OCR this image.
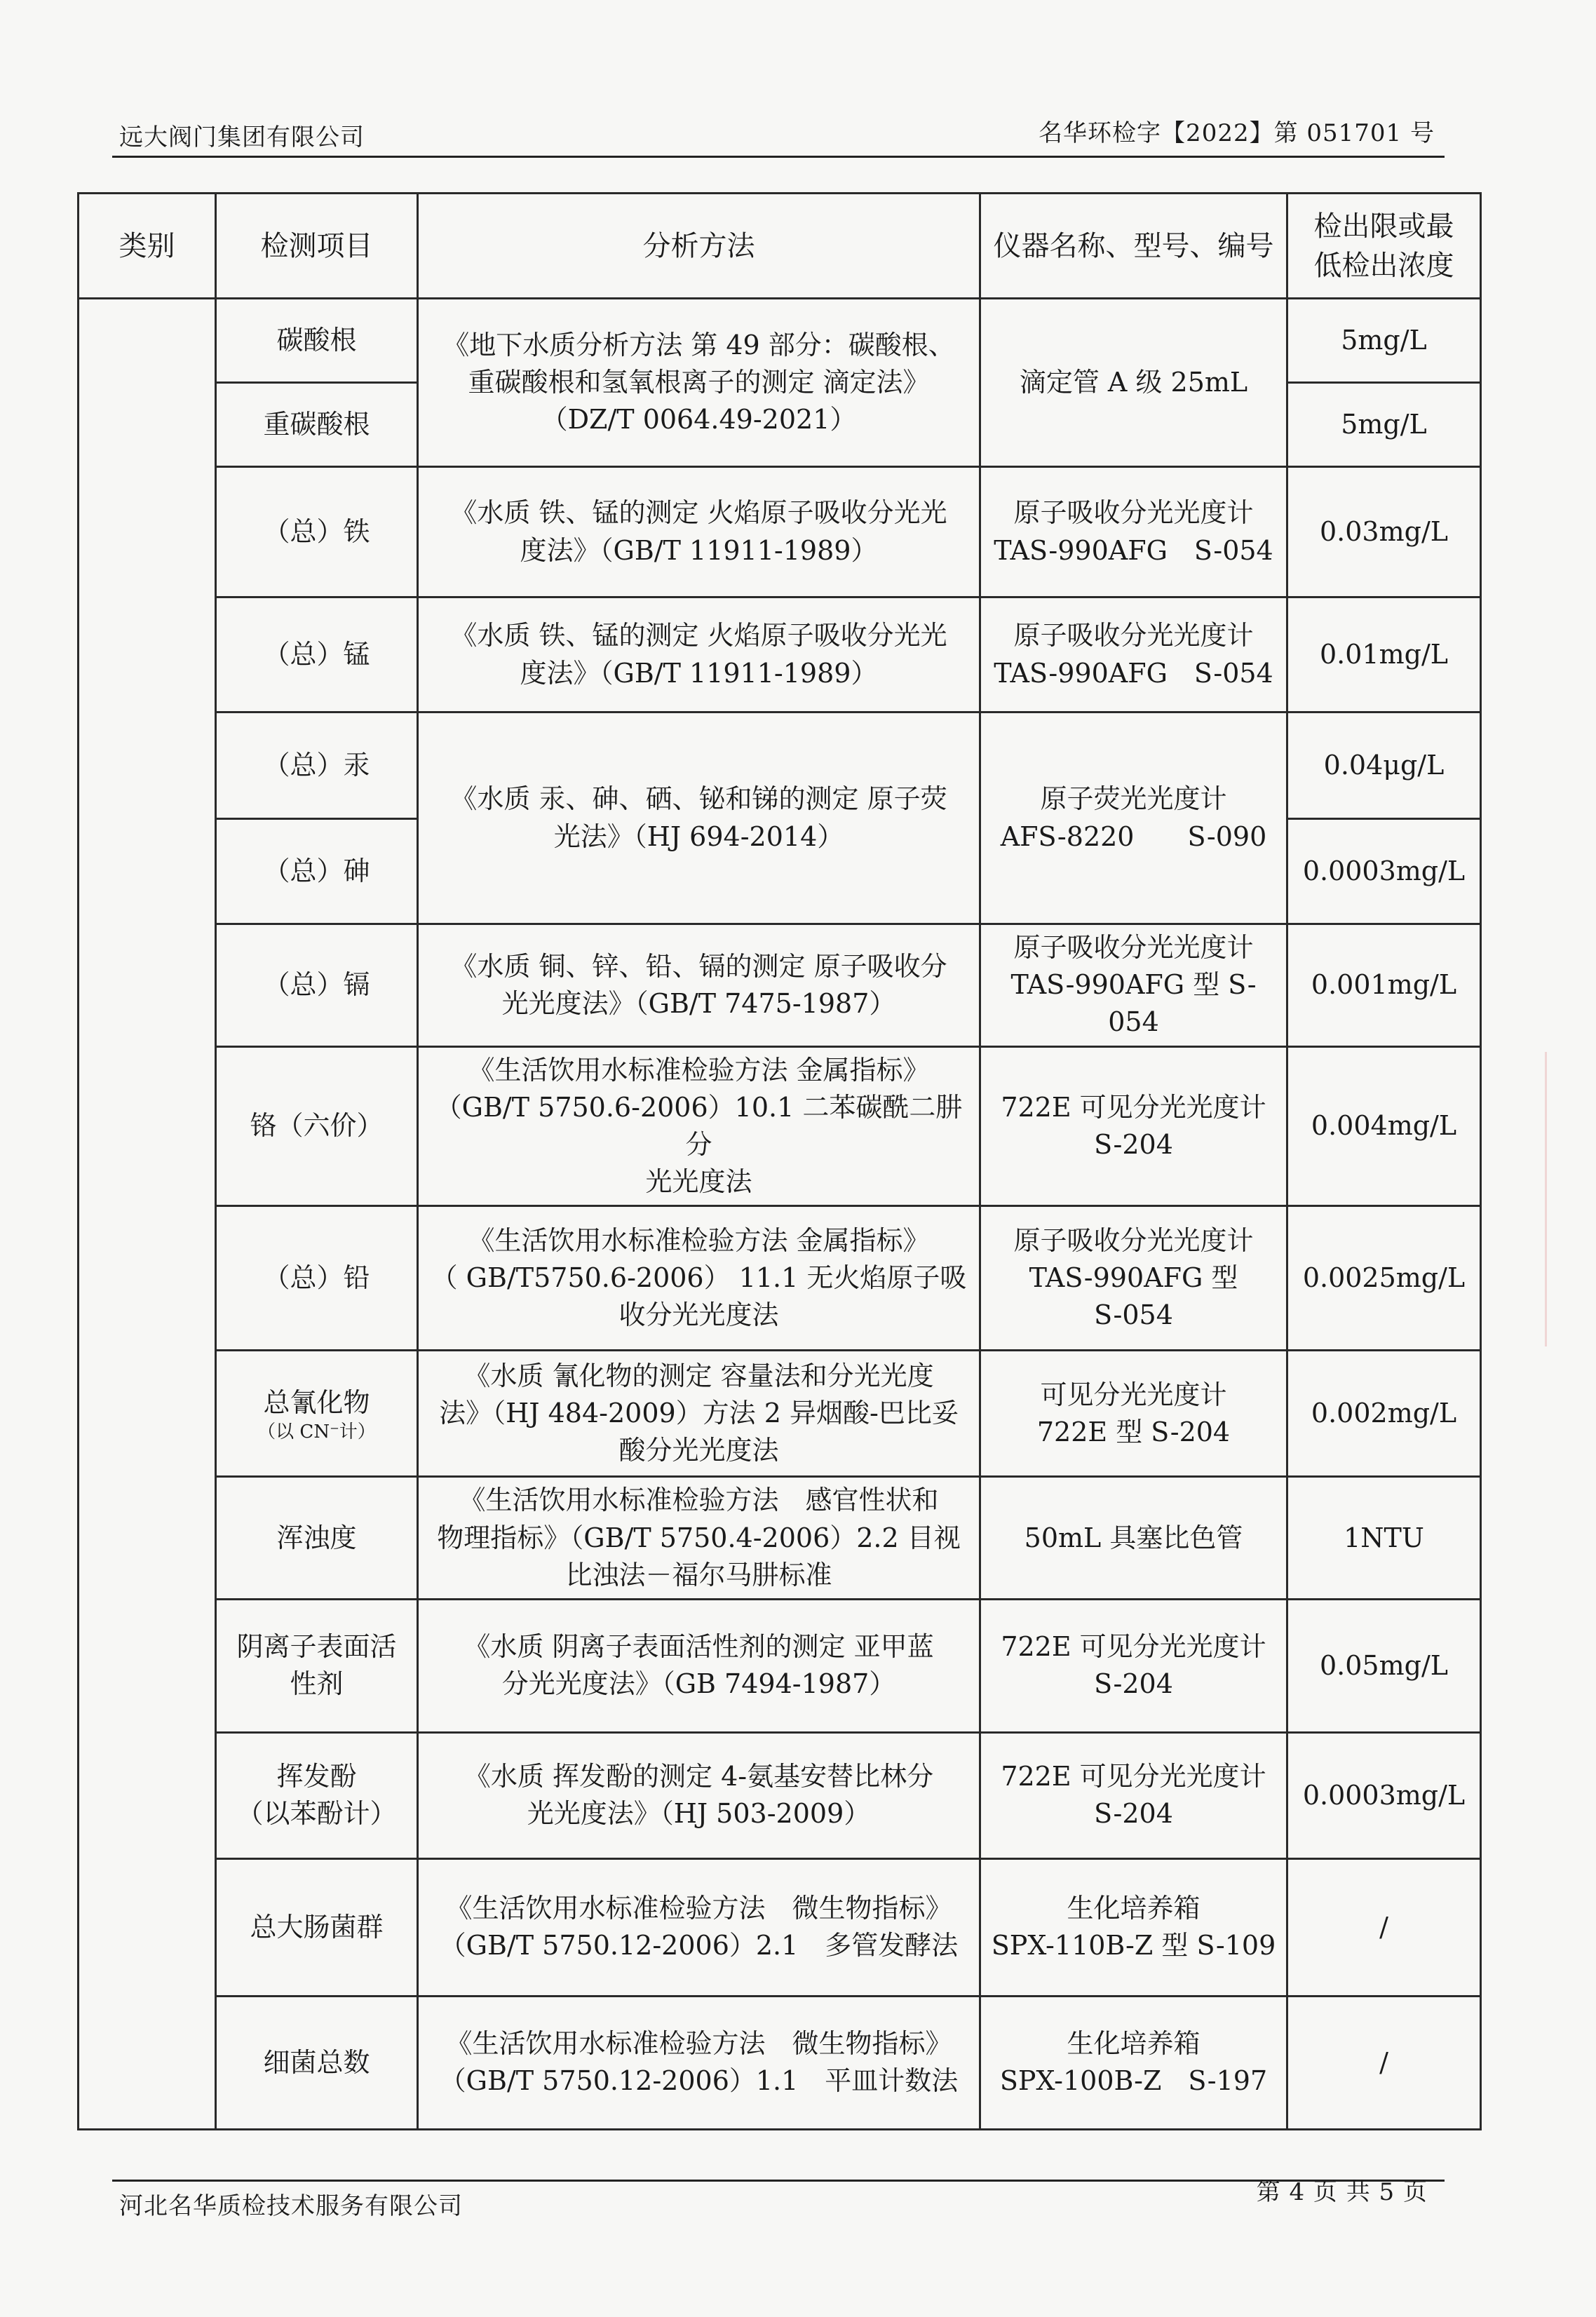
远大阀门集团有限公司	名华环检字【2022】第 051701 号
类别	检测项目	分析方法	仪器名称、型号、编号	检出限或最
低检出浓度
	碳酸根	《地下水质分析方法 第 49 部分：碳酸根、
重碳酸根和氢氧根离子的测定 滴定法》
（DZ/T 0064.49-2021）	滴定管 A 级 25mL	5mg/L
	重碳酸根			5mg/L
	（总）铁	《水质 铁、锰的测定 火焰原子吸收分光光
度法》（GB/T 11911-1989）	原子吸收分光光度计
TAS-990AFG　S-054	0.03mg/L
	（总）锰	《水质 铁、锰的测定 火焰原子吸收分光光
度法》（GB/T 11911-1989）	原子吸收分光光度计
TAS-990AFG　S-054	0.01mg/L
	（总）汞	《水质 汞、砷、硒、铋和锑的测定 原子荧
光法》（HJ 694-2014）	原子荧光光度计
AFS-8220　　S-090	0.04μg/L
	（总）砷			0.0003mg/L
	（总）镉	《水质 铜、锌、铅、镉的测定 原子吸收分
光光度法》（GB/T 7475-1987）	原子吸收分光光度计
TAS-990AFG 型 S-054	0.001mg/L
	铬（六价）	《生活饮用水标准检验方法 金属指标》
（GB/T 5750.6-2006）10.1 二苯碳酰二肼分
光光度法	722E 可见分光光度计
S-204	0.004mg/L
	（总）铅	《生活饮用水标准检验方法 金属指标》
（ GB/T5750.6-2006） 11.1 无火焰原子吸
收分光光度法	原子吸收分光光度计
TAS-990AFG 型
S-054	0.0025mg/L
	总氰化物
（以 CN⁻计）	《水质 氰化物的测定 容量法和分光光度
法》（HJ 484-2009）方法 2 异烟酸-巴比妥
酸分光光度法	可见分光光度计
722E 型 S-204	0.002mg/L
	浑浊度	《生活饮用水标准检验方法　感官性状和
物理指标》（GB/T 5750.4-2006）2.2 目视
比浊法－福尔马肼标准	50mL 具塞比色管	1NTU
	阴离子表面活
性剂	《水质 阴离子表面活性剂的测定 亚甲蓝
分光光度法》（GB 7494-1987）	722E 可见分光光度计
S-204	0.05mg/L
	挥发酚
（以苯酚计）	《水质 挥发酚的测定 4-氨基安替比林分
光光度法》（HJ 503-2009）	722E 可见分光光度计
S-204	0.0003mg/L
	总大肠菌群	《生活饮用水标准检验方法　微生物指标》
（GB/T 5750.12-2006）2.1　多管发酵法	生化培养箱
SPX-110B-Z 型 S-109	/
	细菌总数	《生活饮用水标准检验方法　微生物指标》
（GB/T 5750.12-2006）1.1　平皿计数法	生化培养箱
SPX-100B-Z　S-197	/
河北名华质检技术服务有限公司	第 4 页 共 5 页
